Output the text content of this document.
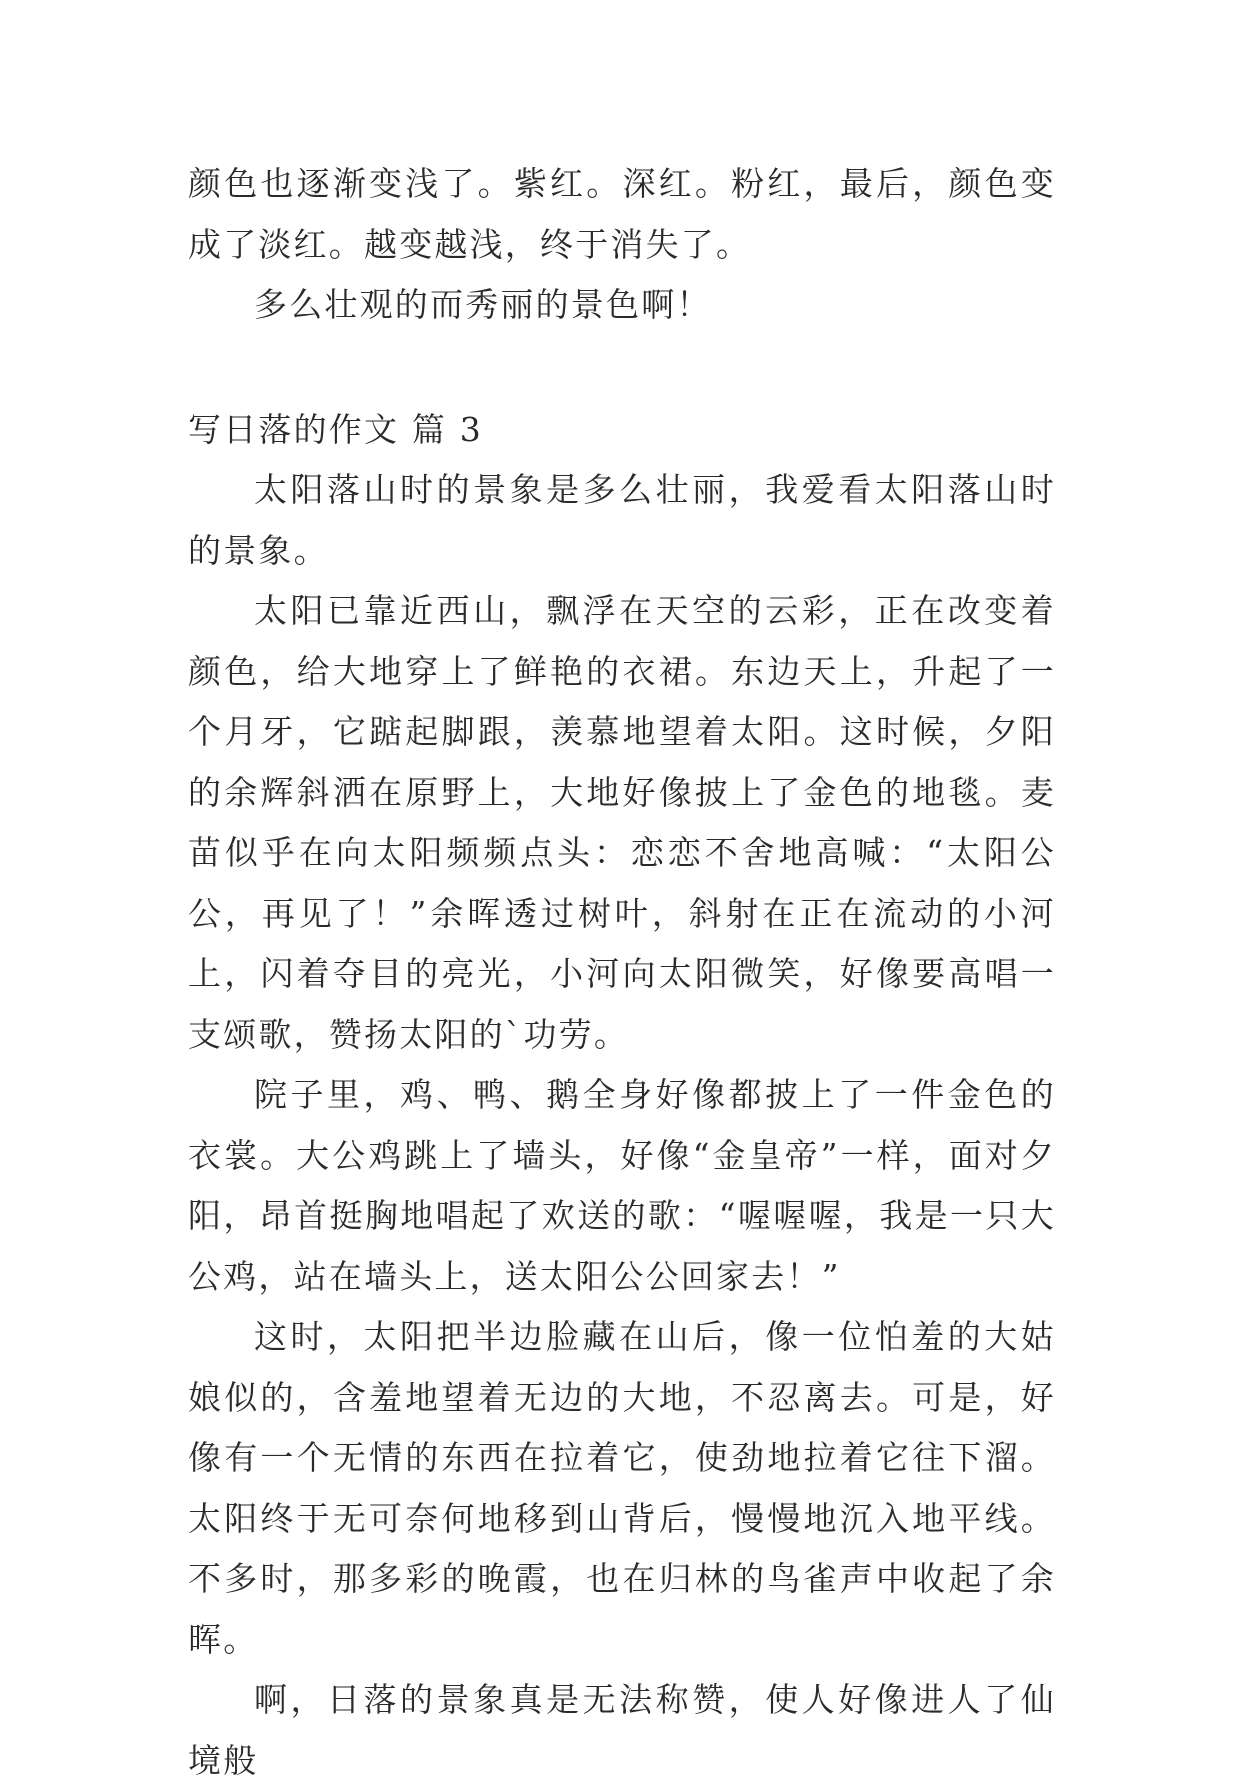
颜色也逐渐变浅了。紫红。深红。粉红，最后，颜色变成了淡红。越变越浅，终于消失了。

多么壮观的而秀丽的景色啊！

写日落的作文 篇 3

太阳落山时的景象是多么壮丽，我爱看太阳落山时的景象。

太阳已靠近西山，飘浮在天空的云彩，正在改变着颜色，给大地穿上了鲜艳的衣裙。东边天上，升起了一个月牙，它踮起脚跟，羡慕地望着太阳。这时候，夕阳的余辉斜洒在原野上，大地好像披上了金色的地毯。麦苗似乎在向太阳频频点头：恋恋不舍地高喊：“太阳公公，再见了！”余晖透过树叶，斜射在正在流动的小河上，闪着夺目的亮光，小河向太阳微笑，好像要高唱一支颂歌，赞扬太阳的`功劳。

院子里，鸡、鸭、鹅全身好像都披上了一件金色的衣裳。大公鸡跳上了墙头，好像“金皇帝”一样，面对夕阳，昂首挺胸地唱起了欢送的歌：“喔喔喔，我是一只大公鸡，站在墙头上，送太阳公公回家去！”

这时，太阳把半边脸藏在山后，像一位怕羞的大姑娘似的，含羞地望着无边的大地，不忍离去。可是，好像有一个无情的东西在拉着它，使劲地拉着它往下溜。太阳终于无可奈何地移到山背后，慢慢地沉入地平线。不多时，那多彩的晚霞，也在归林的鸟雀声中收起了余晖。

啊，日落的景象真是无法称赞，使人好像进人了仙境般
